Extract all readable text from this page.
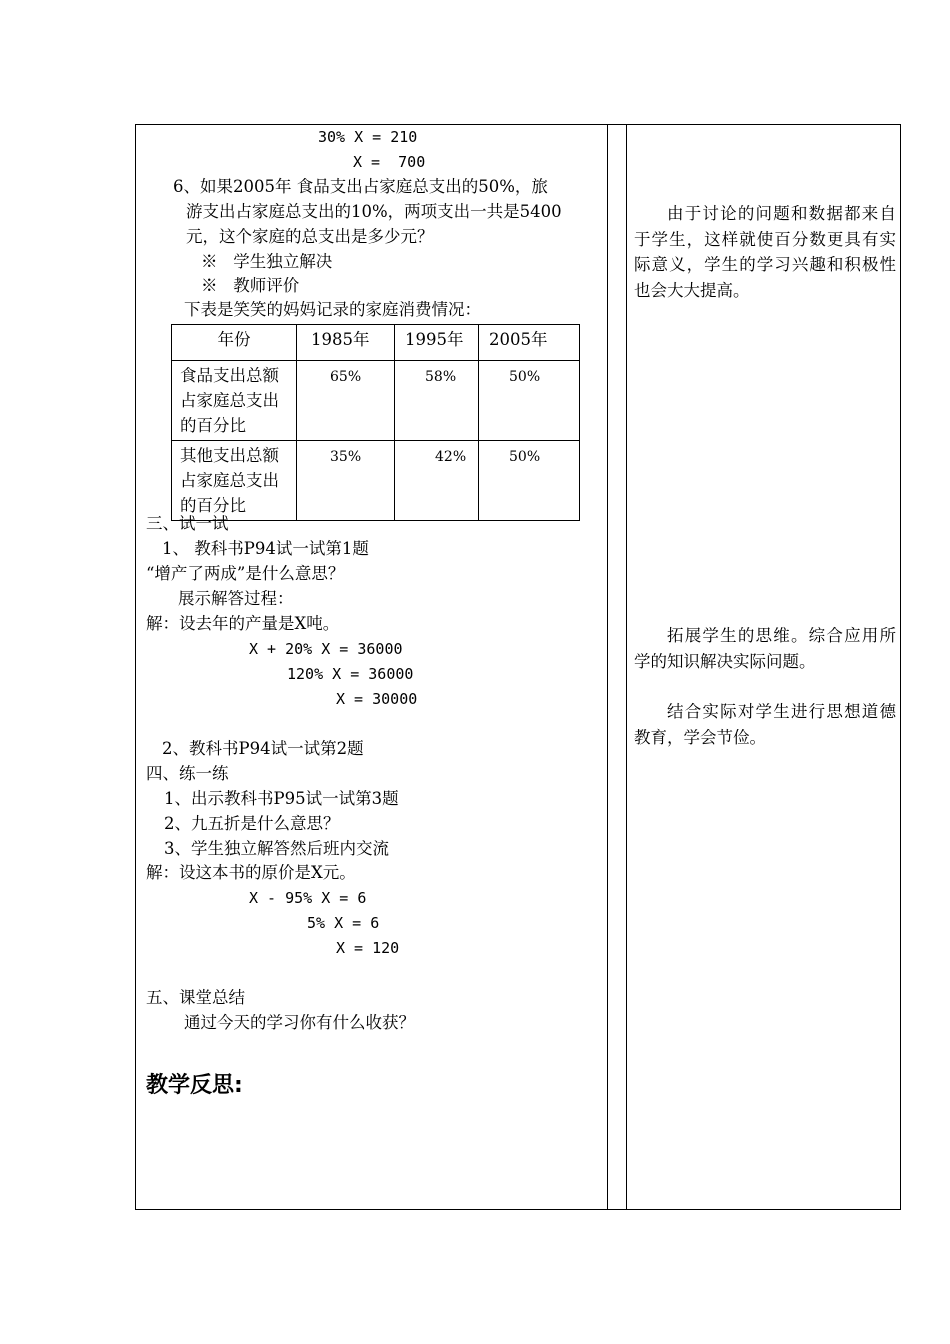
30% X = 210
X =  700
6、如果2005年 食品支出占家庭总支出的50%，旅
游支出占家庭总支出的10%，两项支出一共是5400
元，这个家庭的总支出是多少元？
※   学生独立解决
※   教师评价
下表是笑笑的妈妈记录的家庭消费情况：
年份	1985年	1995年	2005年
食品支出总额占家庭总支出的百分比	65%	58%	50%
其他支出总额占家庭总支出的百分比	35%	42%	50%
三、试一试
1、 教科书P94试一试第1题
“增产了两成”是什么意思？
展示解答过程：
解：设去年的产量是X吨。
X + 20% X = 36000
120% X = 36000
X = 30000
2、教科书P94试一试第2题
四、练一练
1、出示教科书P95试一试第3题
2、九五折是什么意思？
3、学生独立解答然后班内交流
解：设这本书的原价是X元。
X - 95% X = 6
5% X = 6
X = 120
五、课堂总结
通过今天的学习你有什么收获？
教学反思:

由于讨论的问题和数据都来自于学生，这样就使百分数更具有实际意义，学生的学习兴趣和积极性也会大大提高。

拓展学生的思维。综合应用所学的知识解决实际问题。

结合实际对学生进行思想道德教育，学会节俭。
